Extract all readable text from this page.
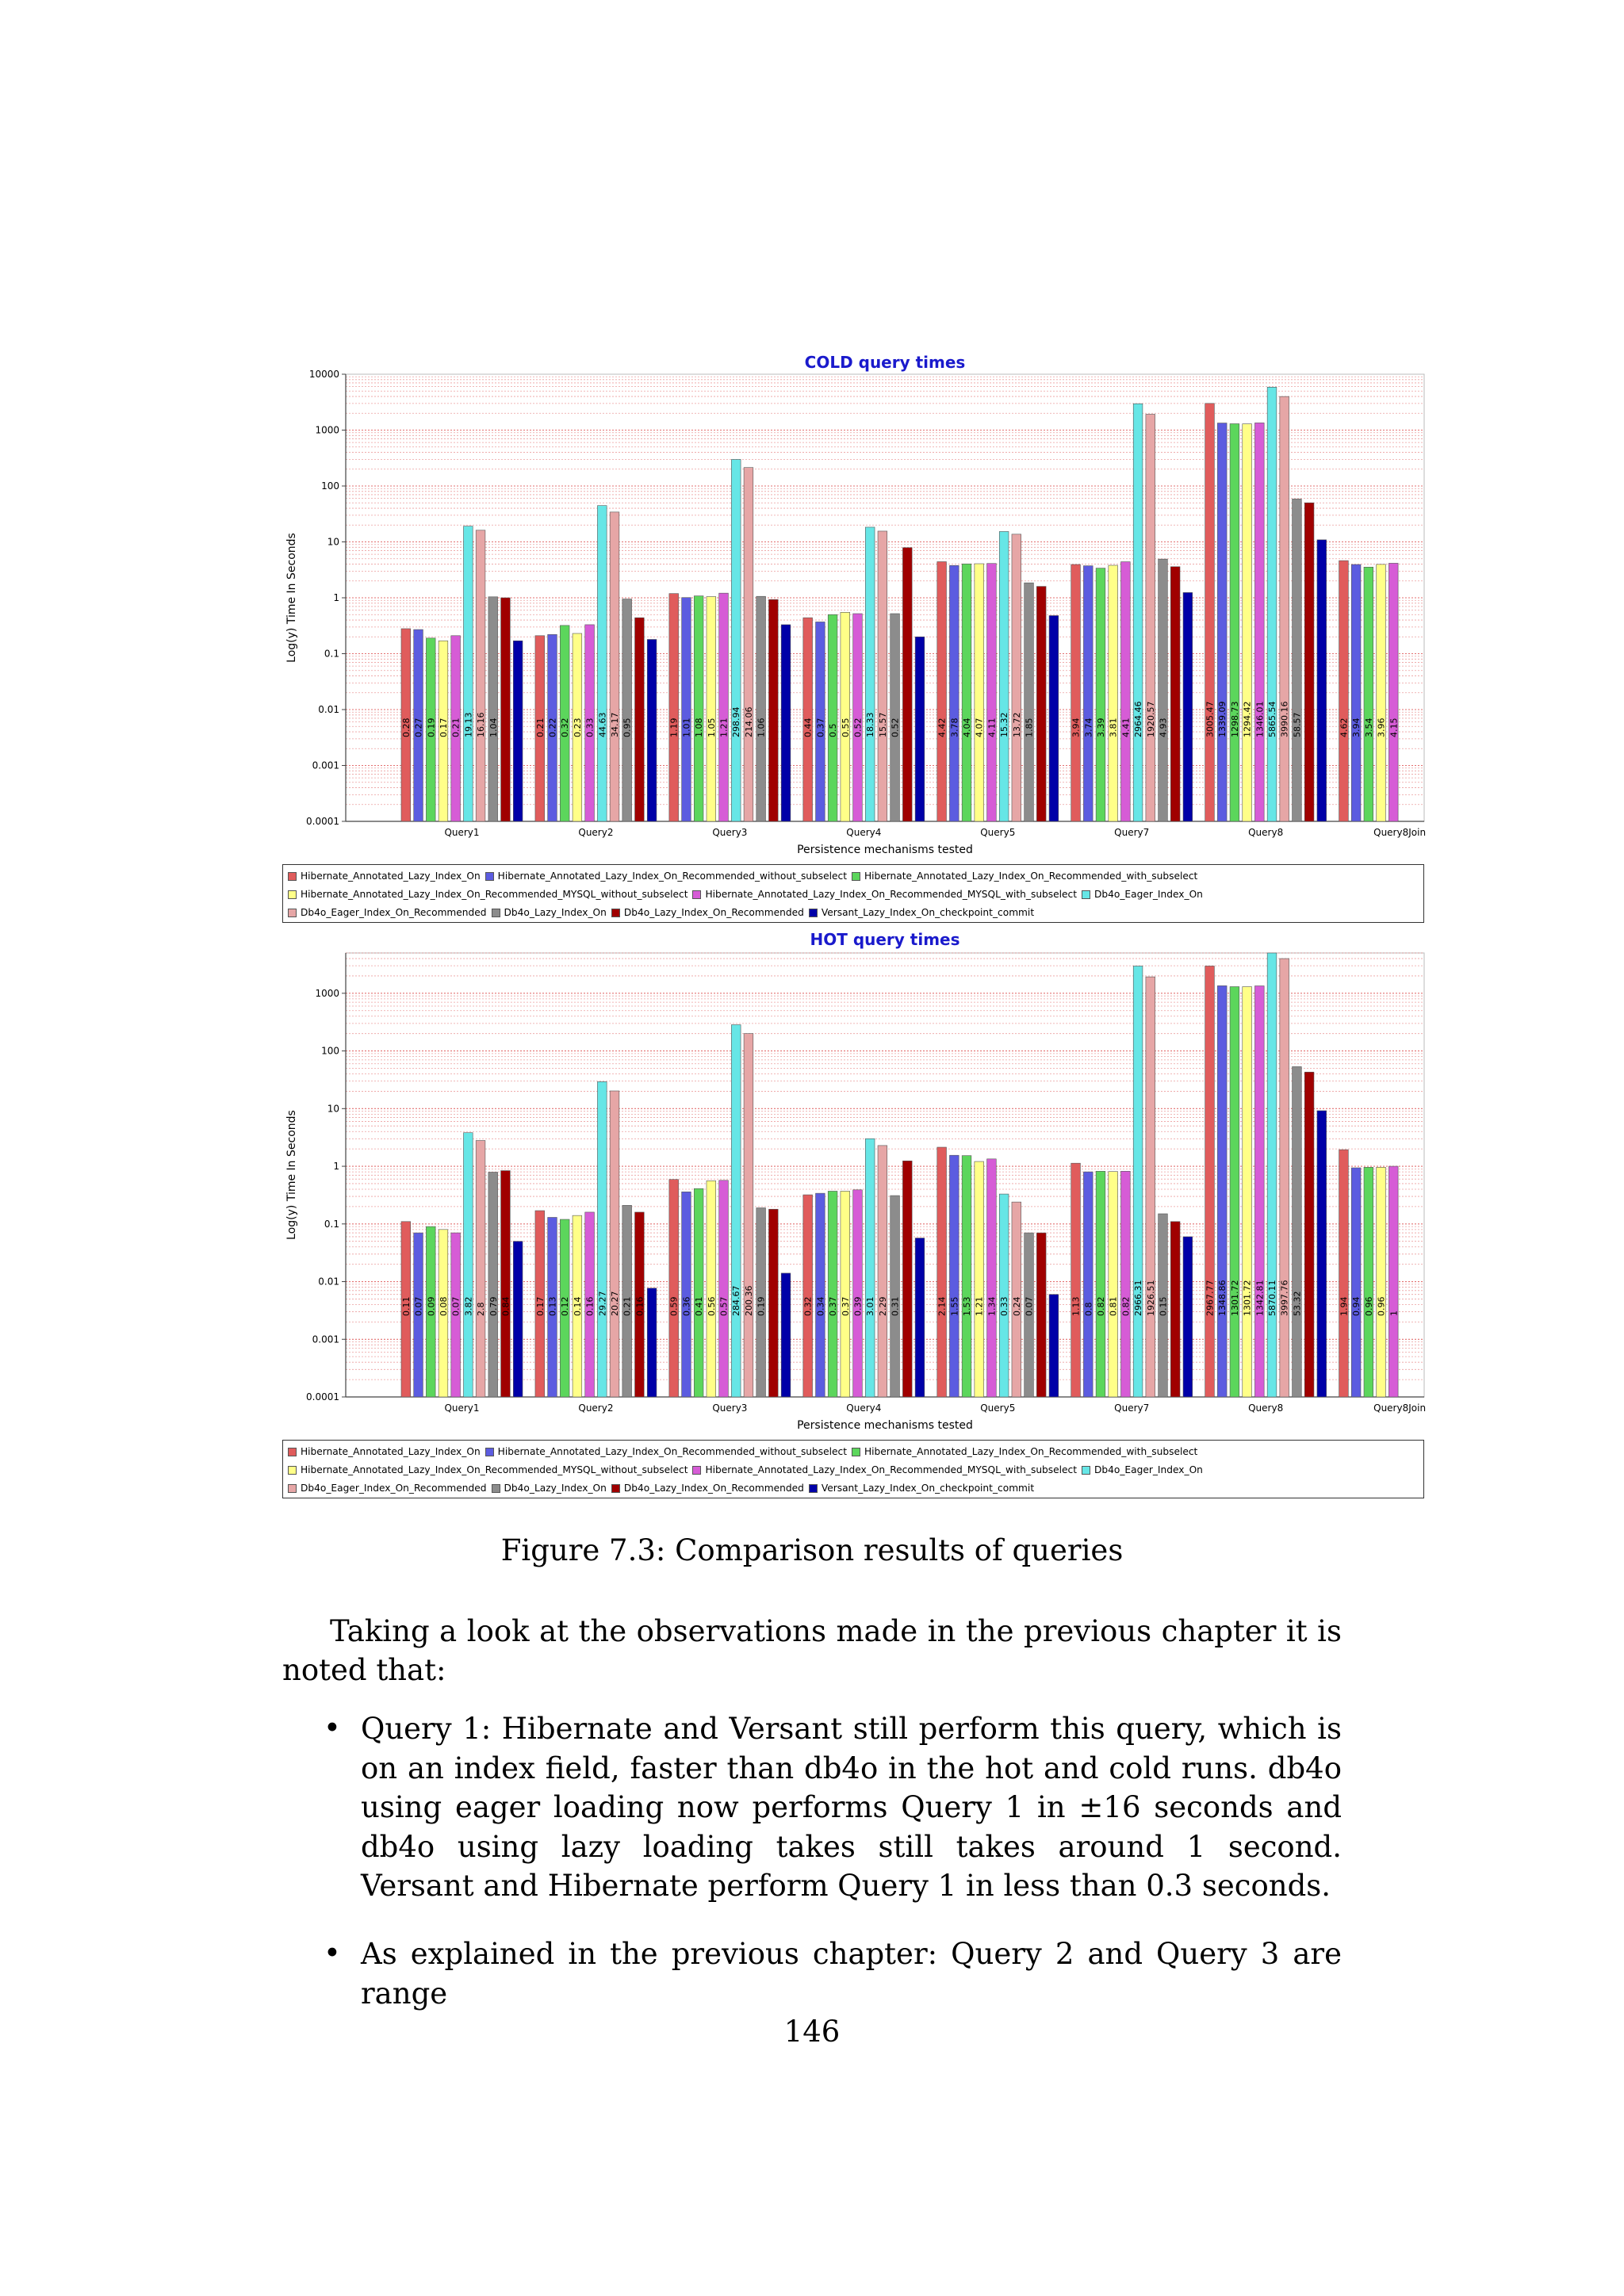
0.0001
0.001
0.01
0.1
1
10
100
1000
10000
COLD query times
Log(y) Time In Seconds
Persistence mechanisms tested
Query1
0.28 0.27 0.19 0.17 0.21 19.13 16.16 1.04
Query2
0.21 0.22 0.32 0.23 0.33 44.63 34.17 0.95
Query3
1.19 1.01 1.08 1.05 1.21 298.94 214.06 1.06
Query4
0.44 0.37 0.5 0.55 0.52 18.33 15.57 0.52
Query5
4.42 3.78 4.04 4.07 4.11 15.32 13.72 1.85
Query7
3.94 3.74 3.39 3.81 4.41 2964.46 1920.57 4.93
Query8
3005.47 1339.09 1298.73 1294.42 1346.01 5865.54 3990.16 58.57
Query8Join
4.62 3.94 3.54 3.96 4.15
Hibernate_Annotated_Lazy_Index_On Hibernate_Annotated_Lazy_Index_On_Recommended_without_subselect Hibernate_Annotated_Lazy_Index_On_Recommended_with_subselect
Hibernate_Annotated_Lazy_Index_On_Recommended_MYSQL_without_subselect Hibernate_Annotated_Lazy_Index_On_Recommended_MYSQL_with_subselect Db4o_Eager_Index_On
Db4o_Eager_Index_On_Recommended Db4o_Lazy_Index_On Db4o_Lazy_Index_On_Recommended Versant_Lazy_Index_On_checkpoint_commit
0.0001
0.001
0.01
0.1
1
10
100
1000
HOT query times
Log(y) Time In Seconds
Persistence mechanisms tested
Query1
0.11 0.07 0.09 0.08 0.07 3.82 2.8 0.79 0.84
Query2
0.17 0.13 0.12 0.14 0.16 29.27 20.27 0.21 0.16
Query3
0.59 0.36 0.41 0.56 0.57 284.67 200.36 0.19
Query4
0.32 0.34 0.37 0.37 0.39 3.01 2.29 0.31
Query5
2.14 1.55 1.53 1.21 1.34 0.33 0.24 0.07
Query7
1.13 0.8 0.82 0.81 0.82 2966.31 1926.51 0.15
Query8
2967.77 1348.86 1301.72 1301.72 1342.81 5870.11 3997.76 53.32
Query8Join
1.94 0.94 0.96 0.96 1
Hibernate_Annotated_Lazy_Index_On Hibernate_Annotated_Lazy_Index_On_Recommended_without_subselect Hibernate_Annotated_Lazy_Index_On_Recommended_with_subselect
Hibernate_Annotated_Lazy_Index_On_Recommended_MYSQL_without_subselect Hibernate_Annotated_Lazy_Index_On_Recommended_MYSQL_with_subselect Db4o_Eager_Index_On
Db4o_Eager_Index_On_Recommended Db4o_Lazy_Index_On Db4o_Lazy_Index_On_Recommended Versant_Lazy_Index_On_checkpoint_commit
Figure 7.3: Comparison results of queries
Taking a look at the observations made in the previous chapter it is noted that:
• Query 1: Hibernate and Versant still perform this query, which is on an index field, faster than db4o in the hot and cold runs. db4o using eager loading now performs Query 1 in ±16 seconds and db4o using lazy loading takes still takes around 1 second. Versant and Hibernate perform Query 1 in less than 0.3 seconds.
• As explained in the previous chapter: Query 2 and Query 3 are range
146
